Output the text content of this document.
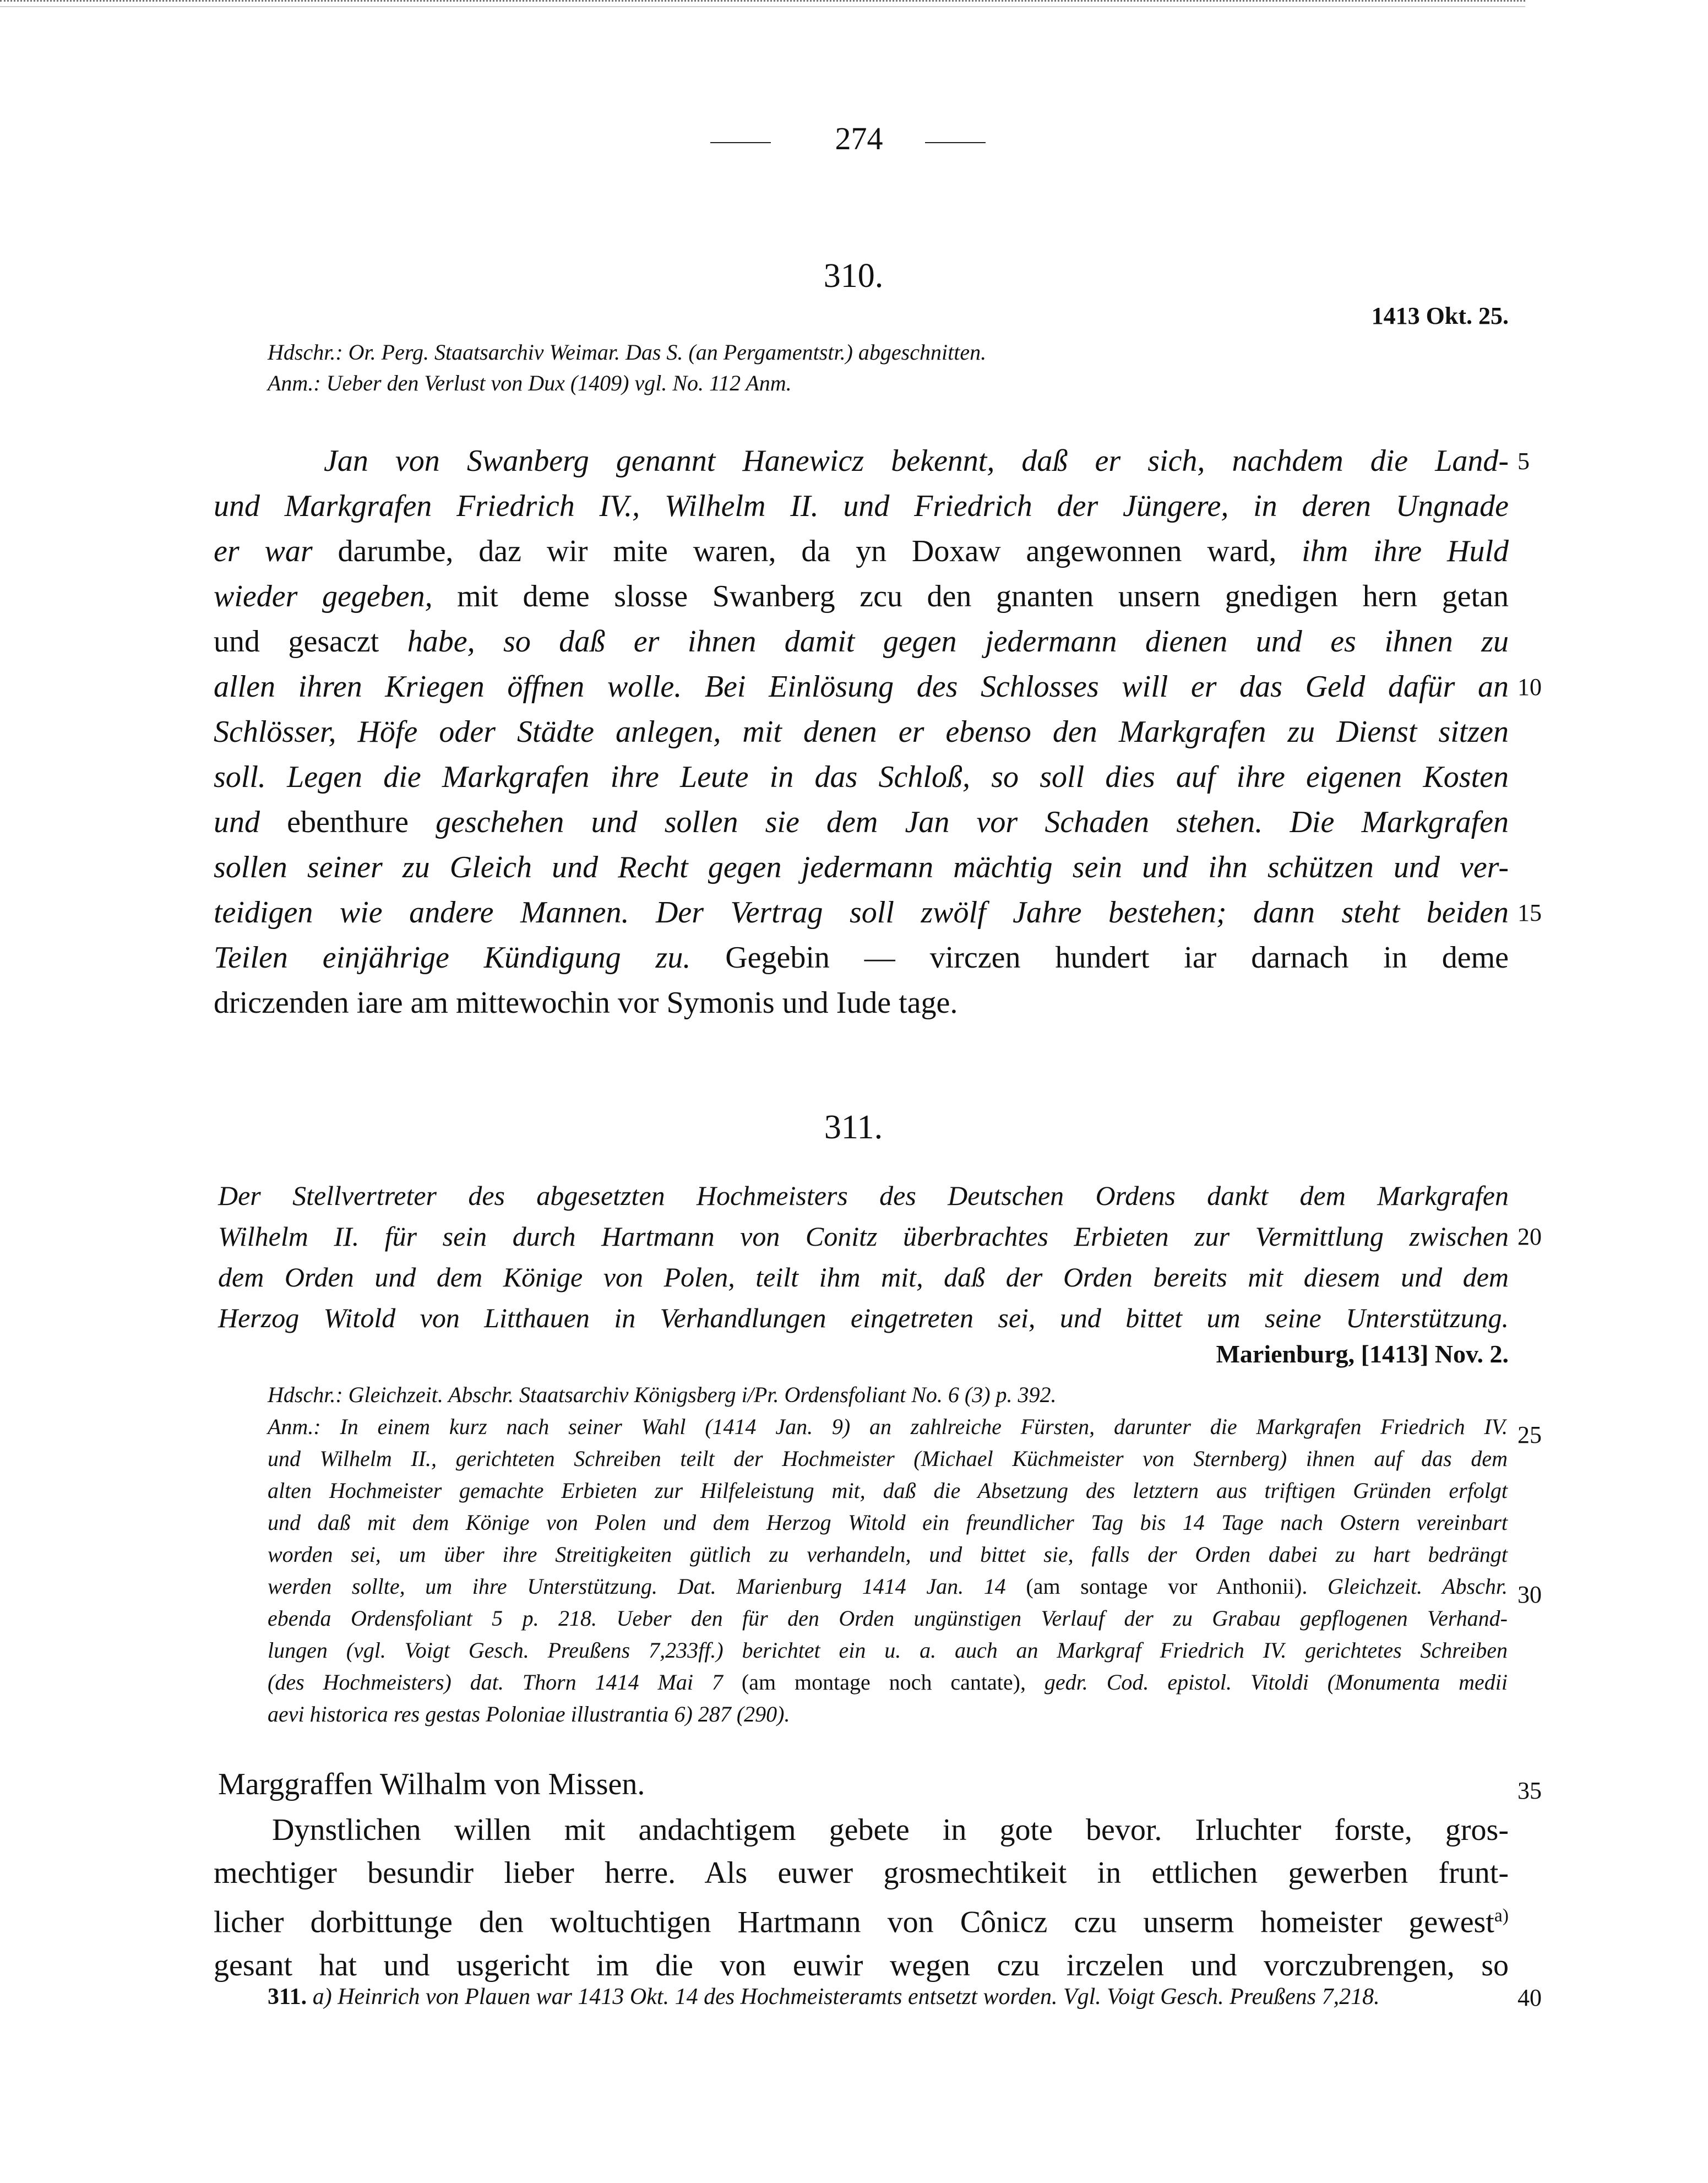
274
310.
1413 Okt. 25.
Hdschr.: Or. Perg. Staatsarchiv Weimar. Das S. (an Pergamentstr.) abgeschnitten.
Anm.: Ueber den Verlust von Dux (1409) vgl. No. 112 Anm.
Jan von Swanberg genannt Hanewicz bekennt, daß er sich, nachdem die Land-
und Markgrafen Friedrich IV., Wilhelm II. und Friedrich der Jüngere, in deren Ungnade
er war darumbe, daz wir mite waren, da yn Doxaw angewonnen ward, ihm ihre Huld
wieder gegeben, mit deme slosse Swanberg zcu den gnanten unsern gnedigen hern getan
und gesaczt habe, so daß er ihnen damit gegen jedermann dienen und es ihnen zu
allen ihren Kriegen öffnen wolle. Bei Einlösung des Schlosses will er das Geld dafür an
Schlösser, Höfe oder Städte anlegen, mit denen er ebenso den Markgrafen zu Dienst sitzen
soll. Legen die Markgrafen ihre Leute in das Schloß, so soll dies auf ihre eigenen Kosten
und ebenthure geschehen und sollen sie dem Jan vor Schaden stehen. Die Markgrafen
sollen seiner zu Gleich und Recht gegen jedermann mächtig sein und ihn schützen und ver-
teidigen wie andere Mannen. Der Vertrag soll zwölf Jahre bestehen; dann steht beiden
Teilen einjährige Kündigung zu. Gegebin — virczen hundert iar darnach in deme
driczenden iare am mittewochin vor Symonis und Iude tage.
311.
Der Stellvertreter des abgesetzten Hochmeisters des Deutschen Ordens dankt dem Markgrafen
Wilhelm II. für sein durch Hartmann von Conitz überbrachtes Erbieten zur Vermittlung zwischen
dem Orden und dem Könige von Polen, teilt ihm mit, daß der Orden bereits mit diesem und dem
Herzog Witold von Litthauen in Verhandlungen eingetreten sei, und bittet um seine Unterstützung.
Marienburg, [1413] Nov. 2.
Hdschr.: Gleichzeit. Abschr. Staatsarchiv Königsberg i/Pr. Ordensfoliant No. 6 (3) p. 392.
Anm.: In einem kurz nach seiner Wahl (1414 Jan. 9) an zahlreiche Fürsten, darunter die Markgrafen Friedrich IV.
und Wilhelm II., gerichteten Schreiben teilt der Hochmeister (Michael Küchmeister von Sternberg) ihnen auf das dem
alten Hochmeister gemachte Erbieten zur Hilfeleistung mit, daß die Absetzung des letztern aus triftigen Gründen erfolgt
und daß mit dem Könige von Polen und dem Herzog Witold ein freundlicher Tag bis 14 Tage nach Ostern vereinbart
worden sei, um über ihre Streitigkeiten gütlich zu verhandeln, und bittet sie, falls der Orden dabei zu hart bedrängt
werden sollte, um ihre Unterstützung. Dat. Marienburg 1414 Jan. 14 (am sontage vor Anthonii). Gleichzeit. Abschr.
ebenda Ordensfoliant 5 p. 218. Ueber den für den Orden ungünstigen Verlauf der zu Grabau gepflogenen Verhand-
lungen (vgl. Voigt Gesch. Preußens 7,233ff.) berichtet ein u. a. auch an Markgraf Friedrich IV. gerichtetes Schreiben
(des Hochmeisters) dat. Thorn 1414 Mai 7 (am montage noch cantate), gedr. Cod. epistol. Vitoldi (Monumenta medii
aevi historica res gestas Poloniae illustrantia 6) 287 (290).
Marggraffen Wilhalm von Missen.
Dynstlichen willen mit andachtigem gebete in gote bevor. Irluchter forste, gros-
mechtiger besundir lieber herre. Als euwer grosmechtikeit in ettlichen gewerben frunt-
licher dorbittunge den woltuchtigen Hartmann von Cônicz czu unserm homeister gewest$^{a)}$
gesant hat und usgericht im die von euwir wegen czu irczelen und vorczubrengen, so
311. a) Heinrich von Plauen war 1413 Okt. 14 des Hochmeisteramts entsetzt worden. Vgl. Voigt Gesch. Preußens 7,218.
5
10
15
20
25
30
35
40
